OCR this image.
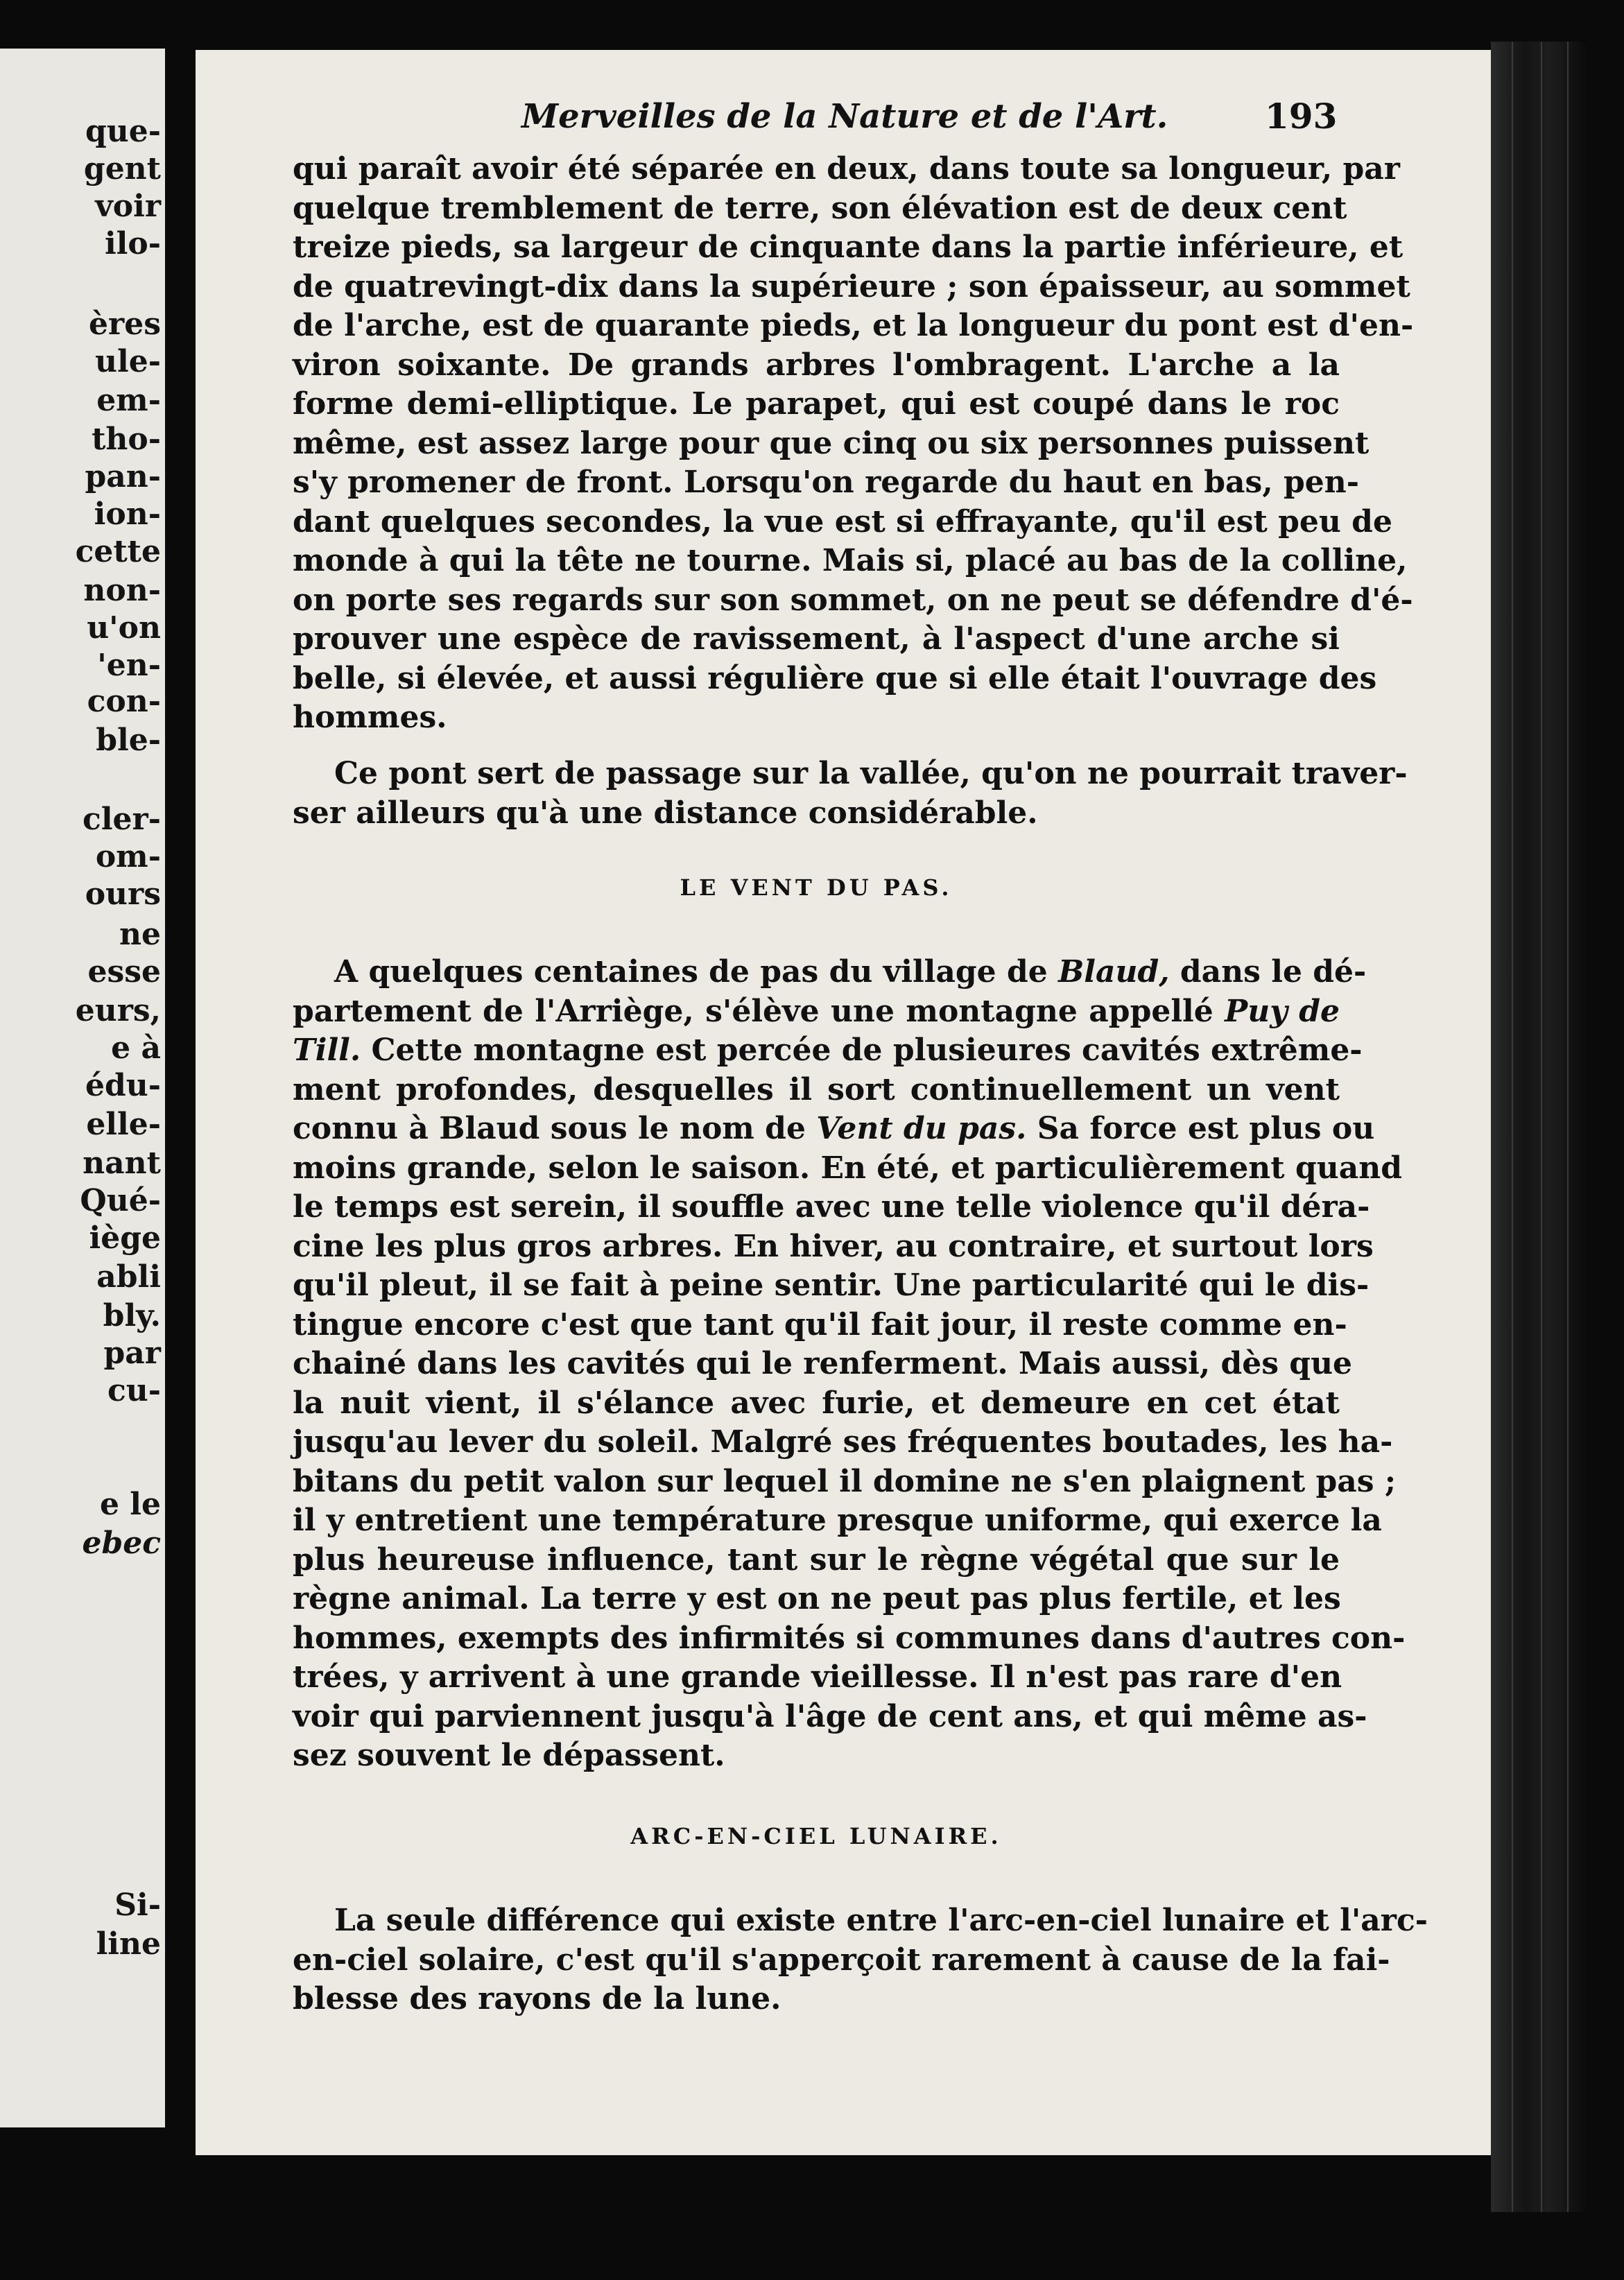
que-
gent
voir
ilo-
ères
ule-
em-
tho-
pan-
ion-
cette
non-
u'on
'en-
con-
ble-
cler-
om-
ours
ne
esse
eurs,
e à
édu-
elle-
nant
Qué-
iège
abli
bly.
par
cu-
e le
ebec
Si-
line
Merveilles de la Nature et de l'Art.	193
qui paraît avoir été séparée en deux, dans toute sa longueur, par
quelque tremblement de terre, son élévation est de deux cent
treize pieds, sa largeur de cinquante dans la partie inférieure, et
de quatrevingt-dix dans la supérieure ; son épaisseur, au sommet
de l'arche, est de quarante pieds, et la longueur du pont est d'en-
viron soixante. De grands arbres l'ombragent. L'arche a la
forme demi-elliptique. Le parapet, qui est coupé dans le roc
même, est assez large pour que cinq ou six personnes puissent
s'y promener de front. Lorsqu'on regarde du haut en bas, pen-
dant quelques secondes, la vue est si effrayante, qu'il est peu de
monde à qui la tête ne tourne. Mais si, placé au bas de la colline,
on porte ses regards sur son sommet, on ne peut se défendre d'é-
prouver une espèce de ravissement, à l'aspect d'une arche si
belle, si élevée, et aussi régulière que si elle était l'ouvrage des
hommes.
Ce pont sert de passage sur la vallée, qu'on ne pourrait traver-
ser ailleurs qu'à une distance considérable.
LE VENT DU PAS.
A quelques centaines de pas du village de Blaud, dans le dé-
partement de l'Arriège, s'élève une montagne appellé Puy de
Till. Cette montagne est percée de plusieures cavités extrême-
ment profondes, desquelles il sort continuellement un vent
connu à Blaud sous le nom de Vent du pas. Sa force est plus ou
moins grande, selon le saison. En été, et particulièrement quand
le temps est serein, il souffle avec une telle violence qu'il déra-
cine les plus gros arbres. En hiver, au contraire, et surtout lors
qu'il pleut, il se fait à peine sentir. Une particularité qui le dis-
tingue encore c'est que tant qu'il fait jour, il reste comme en-
chainé dans les cavités qui le renferment. Mais aussi, dès que
la nuit vient, il s'élance avec furie, et demeure en cet état
jusqu'au lever du soleil. Malgré ses fréquentes boutades, les ha-
bitans du petit valon sur lequel il domine ne s'en plaignent pas ;
il y entretient une température presque uniforme, qui exerce la
plus heureuse influence, tant sur le règne végétal que sur le
règne animal. La terre y est on ne peut pas plus fertile, et les
hommes, exempts des infirmités si communes dans d'autres con-
trées, y arrivent à une grande vieillesse. Il n'est pas rare d'en
voir qui parviennent jusqu'à l'âge de cent ans, et qui même as-
sez souvent le dépassent.
ARC-EN-CIEL LUNAIRE.
La seule différence qui existe entre l'arc-en-ciel lunaire et l'arc-
en-ciel solaire, c'est qu'il s'apperçoit rarement à cause de la fai-
blesse des rayons de la lune.
